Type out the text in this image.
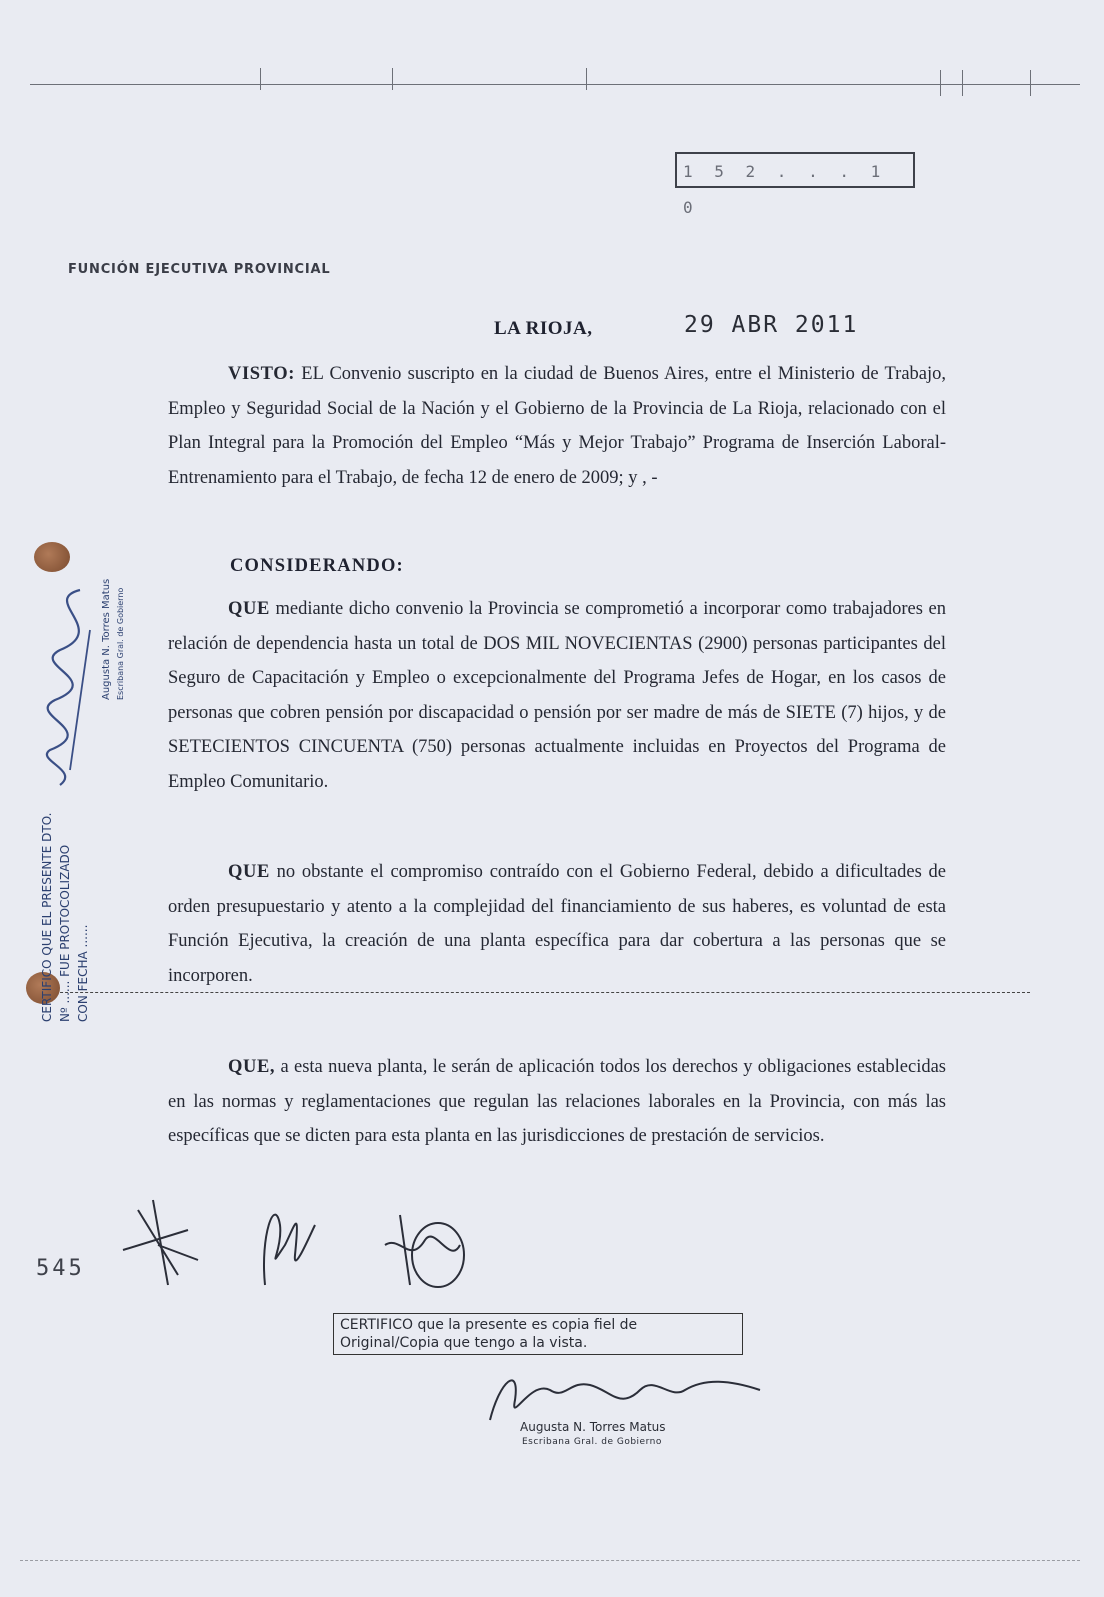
1 5 2 . . . 1 0
FUNCIÓN EJECUTIVA PROVINCIAL
LA RIOJA,	29 ABR 2011
VISTO: EL Convenio suscripto en la ciudad de Buenos Aires, entre el Ministerio de Trabajo, Empleo y Seguridad Social de la Nación y el Gobierno de la Provincia de La Rioja, relacionado con el Plan Integral para la Promoción del Empleo “Más y Mejor Trabajo” Programa de Inserción Laboral-Entrenamiento para el Trabajo, de fecha 12 de enero de 2009; y , -
CONSIDERANDO:
QUE mediante dicho convenio la Provincia se comprometió a incorporar como trabajadores en relación de dependencia hasta un total de DOS MIL NOVECIENTAS (2900) personas participantes del Seguro de Capacitación y Empleo o excepcionalmente del Programa Jefes de Hogar, en los casos de personas que cobren pensión por discapacidad o pensión por ser madre de más de SIETE (7) hijos, y de SETECIENTOS CINCUENTA (750) personas actualmente incluidas en Proyectos del Programa de Empleo Comunitario.
QUE no obstante el compromiso contraído con el Gobierno Federal, debido a dificultades de orden presupuestario y atento a la complejidad del financiamiento de sus haberes, es voluntad de esta Función Ejecutiva, la creación de una planta específica para dar cobertura a las personas que se incorporen.
QUE, a esta nueva planta, le serán de aplicación todos los derechos y obligaciones establecidas en las normas y reglamentaciones que regulan las relaciones laborales en la Provincia, con más las específicas que se dicten para esta planta en las jurisdicciones de prestación de servicios.
Augusta N. Torres Matus Escribana Gral. de Gobierno
CERTIFICO QUE EL PRESENTE DTO. Nº ...... FUE PROTOCOLIZADO CON FECHA ......
545
CERTIFICO que la presente es copia fiel de
Original/Copia que tengo a la vista.
Augusta N. Torres Matus
Escribana Gral. de Gobierno
